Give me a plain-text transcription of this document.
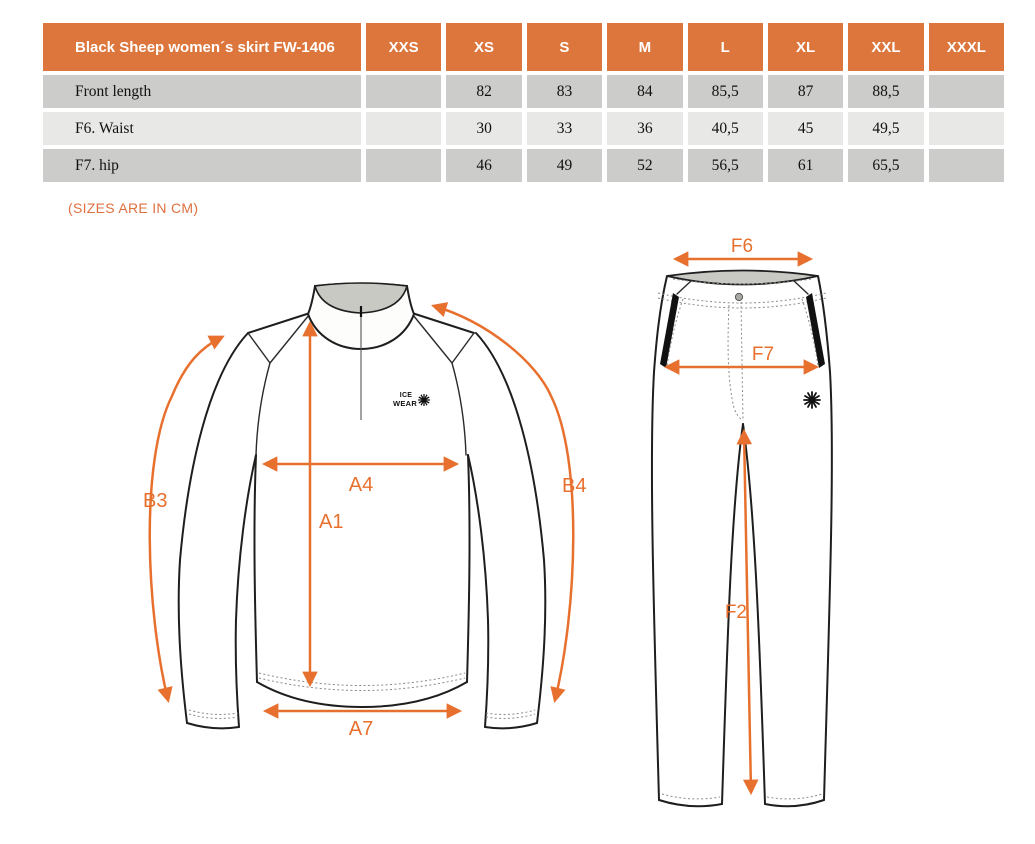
Black Sheep women´s skirt FW-1406	XXS	XS	S	M	L	XL	XXL	XXXL
Front length		82	83	84	85,5	87	88,5	
F6. Waist		30	33	36	40,5	45	49,5	
F7. hip		46	49	52	56,5	61	65,5	
(SIZES ARE IN CM)
ICE
WEAR
A4
A1
A7
B3
B4
F6
F7
F2
